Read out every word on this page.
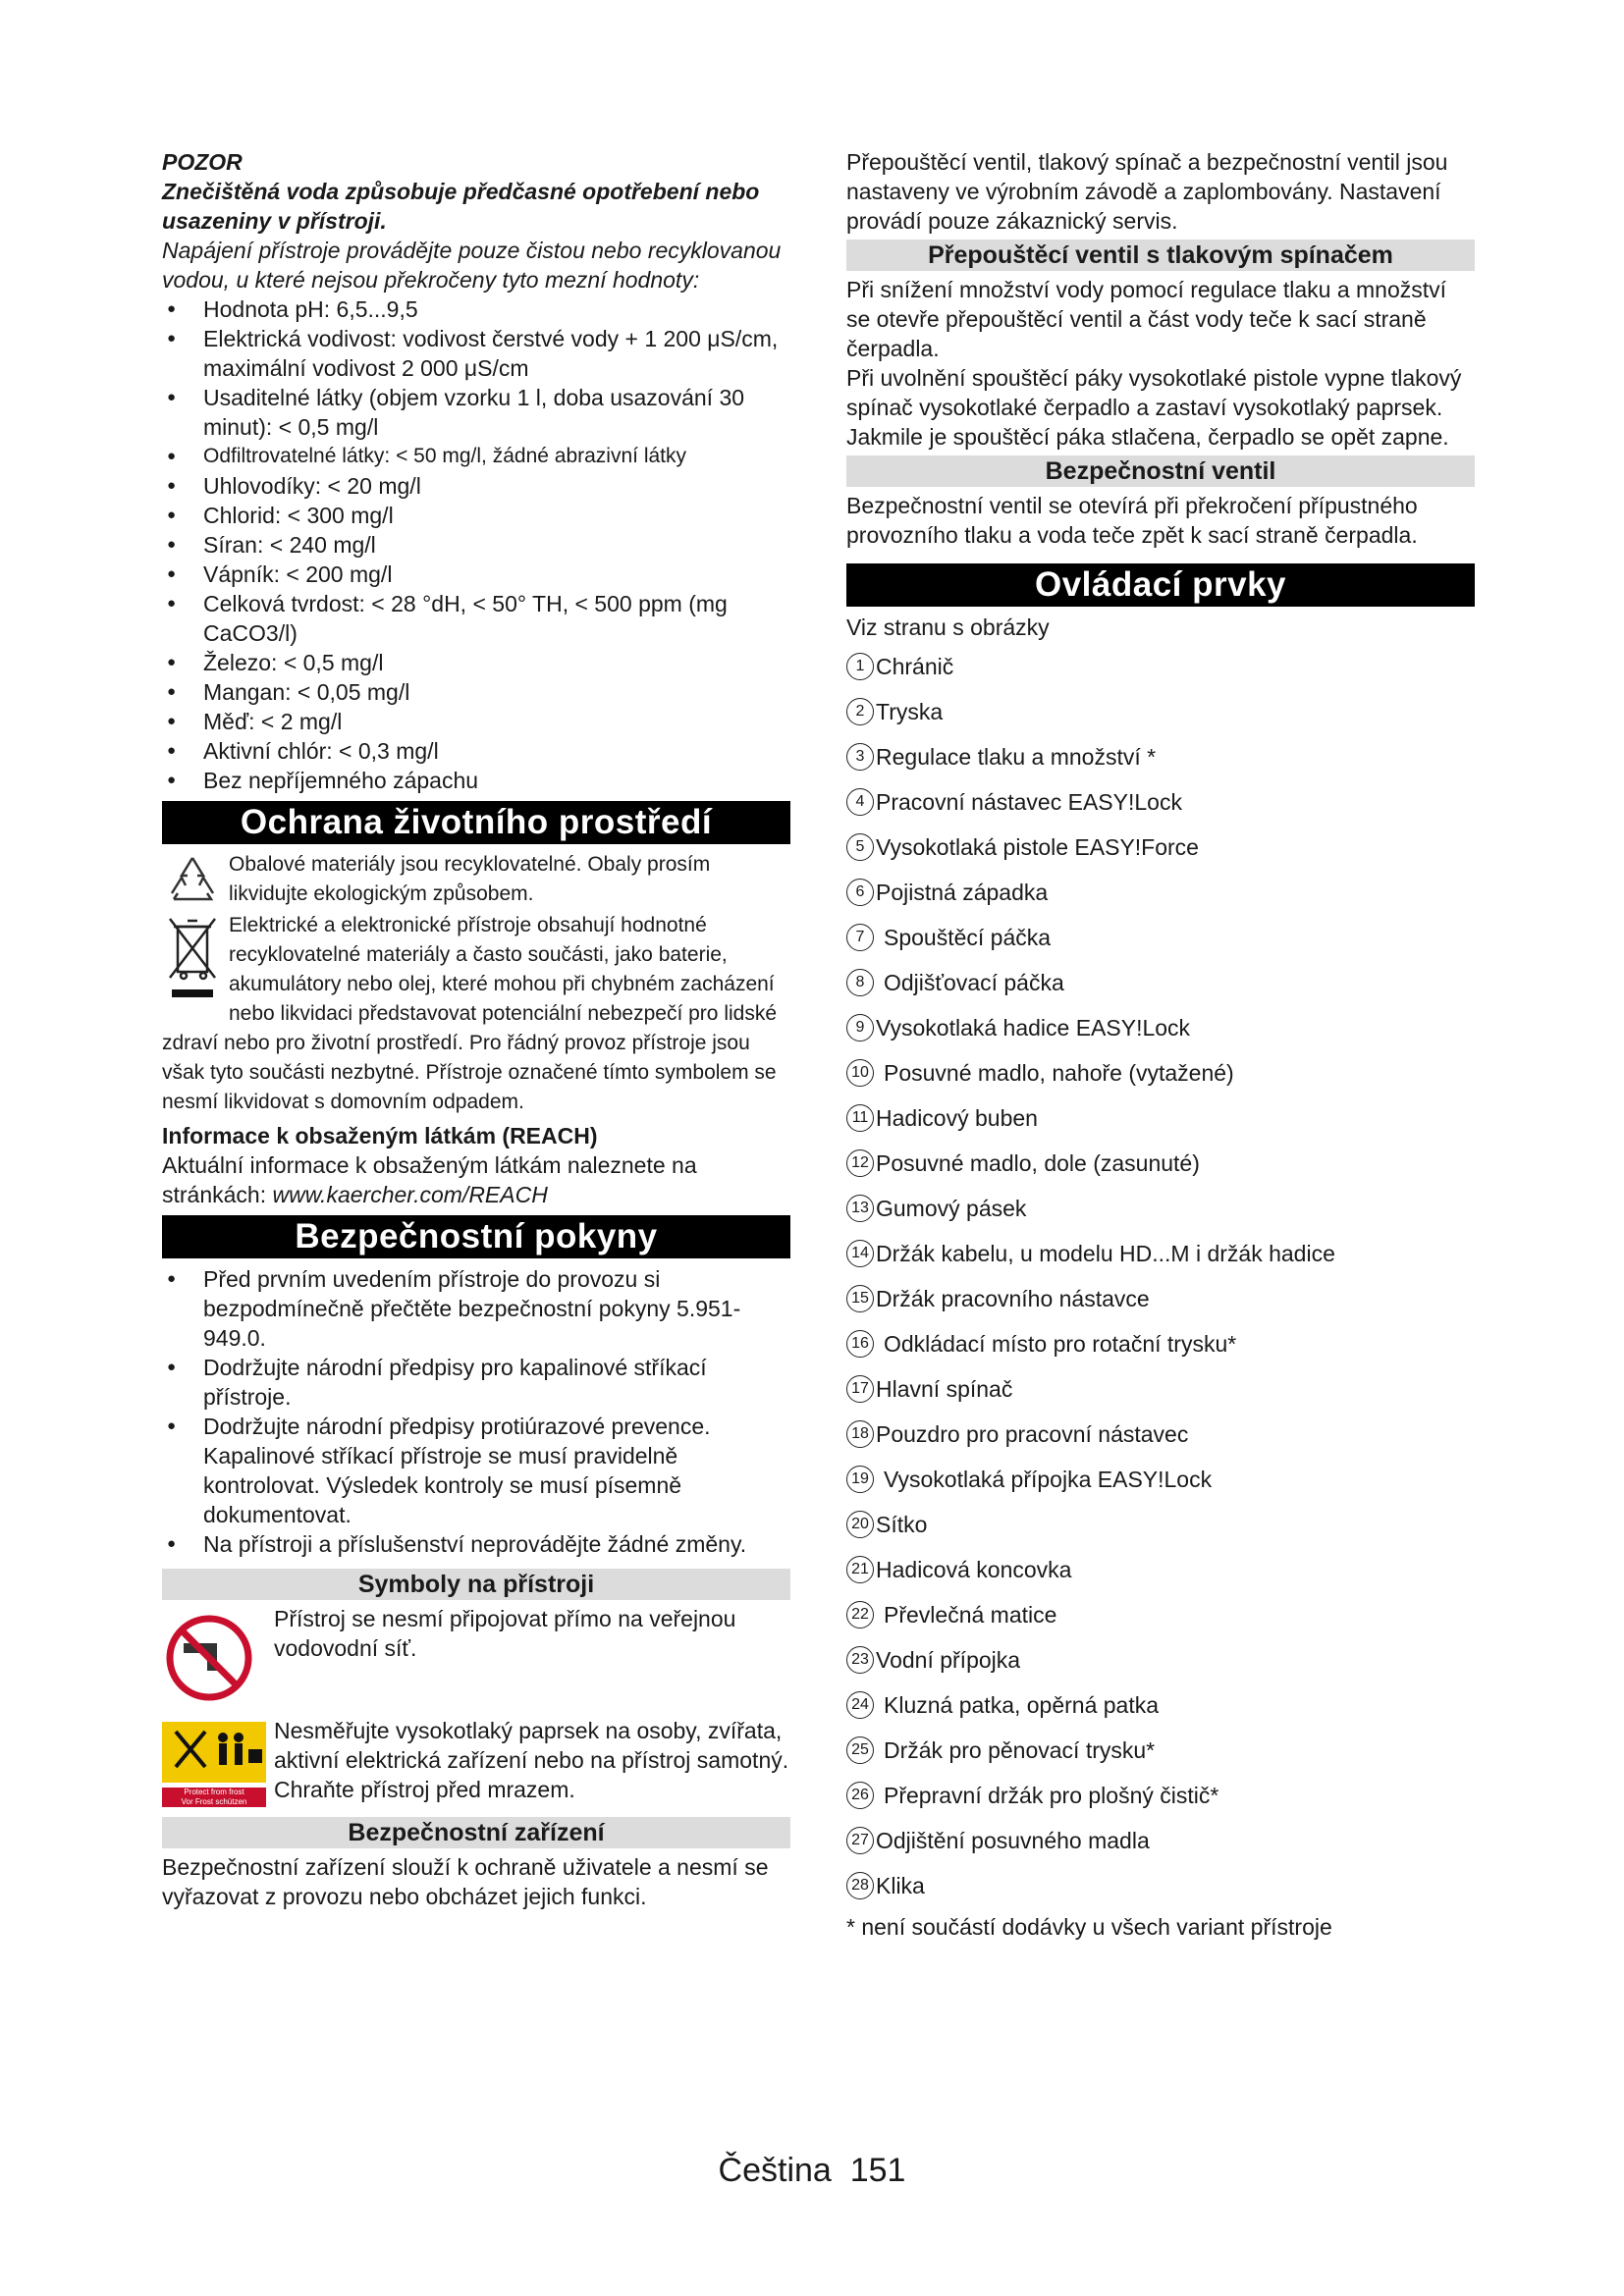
POZOR

Znečištěná voda způsobuje předčasné opotřebení nebo usazeniny v přístroji.

Napájení přístroje provádějte pouze čistou nebo recyklovanou vodou, u které nejsou překročeny tyto mezní hodnoty:

● Hodnota pH: 6,5...9,5
● Elektrická vodivost: vodivost čerstvé vody + 1 200 μS/cm, maximální vodivost 2 000 μS/cm
● Usaditelné látky (objem vzorku 1 l, doba usazování 30 minut): < 0,5 mg/l
● Odfiltrovatelné látky: < 50 mg/l, žádné abrazivní látky
● Uhlovodíky: < 20 mg/l
● Chlorid: < 300 mg/l
● Síran: < 240 mg/l
● Vápník: < 200 mg/l
● Celková tvrdost: < 28 °dH, < 50° TH, < 500 ppm (mg CaCO3/l)
● Železo: < 0,5 mg/l
● Mangan: < 0,05 mg/l
● Měď: < 2 mg/l
● Aktivní chlór: < 0,3 mg/l
● Bez nepříjemného zápachu
Ochrana životního prostředí

Obalové materiály jsou recyklovatelné. Obaly prosím likvidujte ekologickým způsobem.

Elektrické a elektronické přístroje obsahují hodnotné recyklovatelné materiály a často součásti, jako baterie, akumulátory nebo olej, které mohou při chybném zacházení nebo likvidaci představovat potenciální nebezpečí pro lidské zdraví nebo pro životní prostředí. Pro řádný provoz přístroje jsou však tyto součásti nezbytné. Přístroje označené tímto symbolem se nesmí likvidovat s domovním odpadem.

Informace k obsaženým látkám (REACH)

Aktuální informace k obsaženým látkám naleznete na stránkách: www.kaercher.com/REACH

Bezpečnostní pokyny
● Před prvním uvedením přístroje do provozu si bezpodmínečně přečtěte bezpečnostní pokyny 5.951-949.0.
● Dodržujte národní předpisy pro kapalinové stříkací přístroje.
● Dodržujte národní předpisy protiúrazové prevence. Kapalinové stříkací přístroje se musí pravidelně kontrolovat. Výsledek kontroly se musí písemně dokumentovat.
● Na přístroji a příslušenství neprovádějte žádné změny.
Symboly na přístroji

Přístroj se nesmí připojovat přímo na veřejnou vodovodní síť.

Protect from frost
Vor Frost schützen

Nesměřujte vysokotlaký paprsek na osoby, zvířata, aktivní elektrická zařízení nebo na přístroj samotný. Chraňte přístroj před mrazem.

Bezpečnostní zařízení

Bezpečnostní zařízení slouží k ochraně uživatele a nesmí se vyřazovat z provozu nebo obcházet jejich funkci.

Přepouštěcí ventil, tlakový spínač a bezpečnostní ventil jsou nastaveny ve výrobním závodě a zaplombovány. Nastavení provádí pouze zákaznický servis.

Přepouštěcí ventil s tlakovým spínačem

Při snížení množství vody pomocí regulace tlaku a množství se otevře přepouštěcí ventil a část vody teče k sací straně čerpadla.

Při uvolnění spouštěcí páky vysokotlaké pistole vypne tlakový spínač vysokotlaké čerpadlo a zastaví vysokotlaký paprsek.

Jakmile je spouštěcí páka stlačena, čerpadlo se opět zapne.

Bezpečnostní ventil

Bezpečnostní ventil se otevírá při překročení přípustného provozního tlaku a voda teče zpět k sací straně čerpadla.

Ovládací prvky

Viz stranu s obrázky

1 Chránič
2 Tryska
3 Regulace tlaku a množství *
4 Pracovní nástavec EASY!Lock
5 Vysokotlaká pistole EASY!Force
6 Pojistná západka
7 Spouštěcí páčka
8 Odjišťovací páčka
9 Vysokotlaká hadice EASY!Lock
10 Posuvné madlo, nahoře (vytažené)
11 Hadicový buben
12 Posuvné madlo, dole (zasunuté)
13 Gumový pásek
14 Držák kabelu, u modelu HD...M i držák hadice
15 Držák pracovního nástavce
16 Odkládací místo pro rotační trysku*
17 Hlavní spínač
18 Pouzdro pro pracovní nástavec
19 Vysokotlaká přípojka EASY!Lock
20 Sítko
21 Hadicová koncovka
22 Převlečná matice
23 Vodní přípojka
24 Kluzná patka, opěrná patka
25 Držák pro pěnovací trysku*
26 Přepravní držák pro plošný čistič*
27 Odjištění posuvného madla
28 Klika

* není součástí dodávky u všech variant přístroje

Čeština 151
